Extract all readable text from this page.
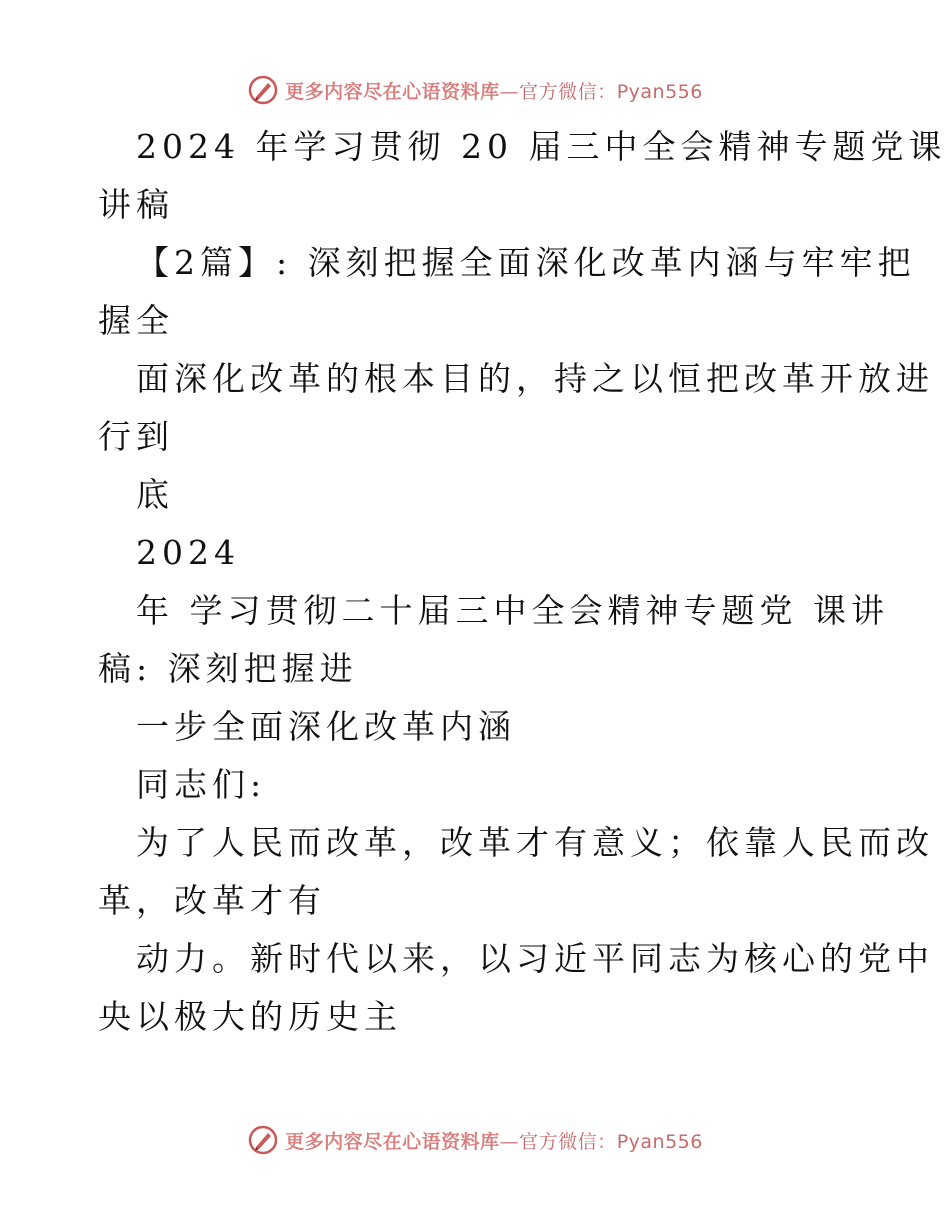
更多内容尽在心语资料库—官方微信：Pyan556
2024 年学习贯彻 20 届三中全会精神专题党课
讲稿
【2篇】: 深刻把握全面深化改革内涵与牢牢把
握全
面深化改革的根本目的，持之以恒把改革开放进
行到
底
2024
年 学习贯彻二十届三中全会精神专题党 课讲
稿: 深刻把握进
一步全面深化改革内涵
同志们:
为了人民而改革，改革才有意义；依靠人民而改
革，改革才有
动力。新时代以来，以习近平同志为核心的党中
央以极大的历史主
更多内容尽在心语资料库—官方微信：Pyan556
